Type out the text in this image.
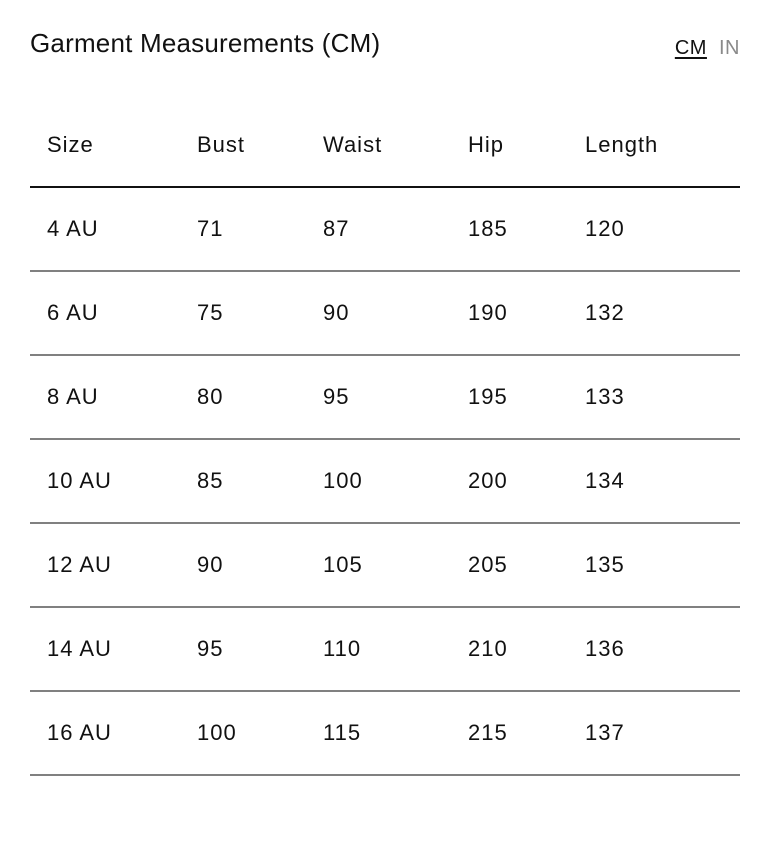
Garment Measurements (CM)	CM IN
Size	Bust	Waist	Hip	Length
4 AU	71	87	185	120
6 AU	75	90	190	132
8 AU	80	95	195	133
10 AU	85	100	200	134
12 AU	90	105	205	135
14 AU	95	110	210	136
16 AU	100	115	215	137
